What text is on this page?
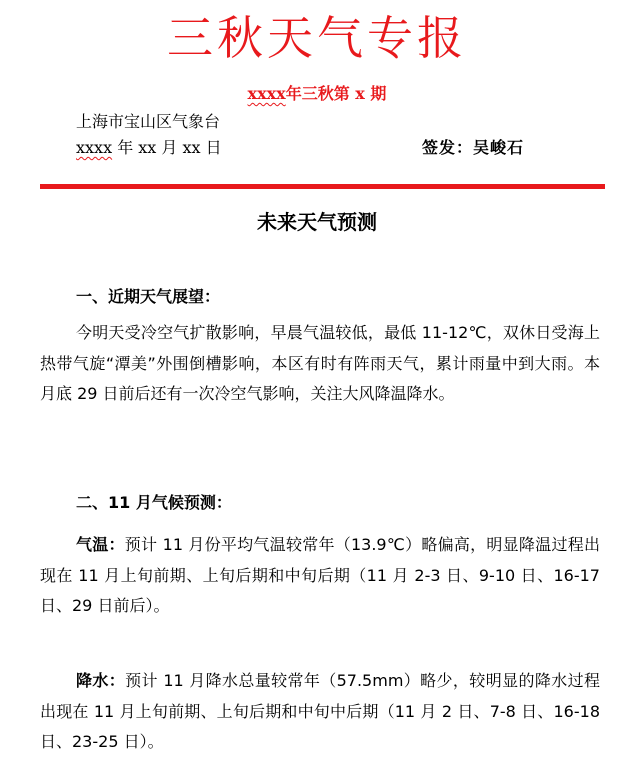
三秋天气专报
xxxx年三秋第 x 期
上海市宝山区气象台
xxxx 年 xx 月 xx 日	签发：吴峻石
未来天气预测
一、近期天气展望：
今明天受冷空气扩散影响，早晨气温较低，最低 11-12℃，双休日受海上热带气旋“潭美”外围倒槽影响，本区有时有阵雨天气，累计雨量中到大雨。本月底 29 日前后还有一次冷空气影响，关注大风降温降水。
二、11 月气候预测：
气温：预计 11 月份平均气温较常年（13.9℃）略偏高，明显降温过程出现在 11 月上旬前期、上旬后期和中旬后期（11 月 2-3 日、9-10 日、16-17 日、29 日前后）。
降水：预计 11 月降水总量较常年（57.5mm）略少，较明显的降水过程出现在 11 月上旬前期、上旬后期和中旬中后期（11 月 2 日、7-8 日、16-18 日、23-25 日）。
